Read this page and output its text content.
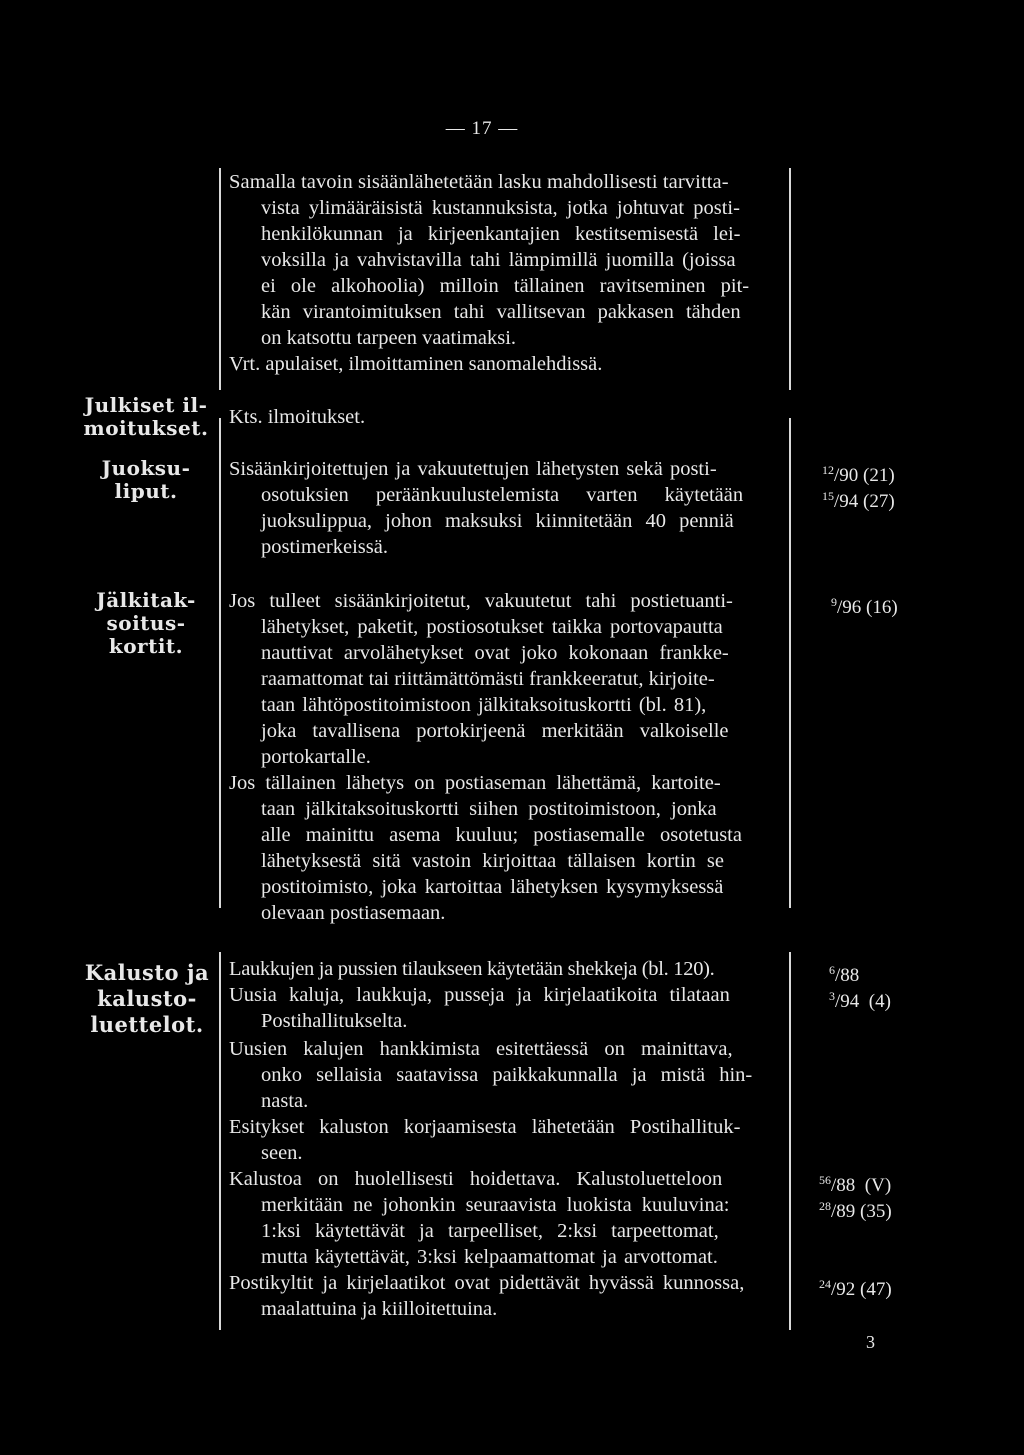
— 17 —
Julkiset il-
moitukset.
Juoksu-
liput.
Jälkitak-
soitus-
kortit.
Kalusto ja
kalusto-
luettelot.
Samalla tavoin sisäänlähetetään lasku mahdollisesti tarvitta-
vista ylimääräisistä kustannuksista, jotka johtuvat posti-
henkilökunnan ja kirjeenkantajien kestitsemisestä lei-
voksilla ja vahvistavilla tahi lämpimillä juomilla (joissa
ei ole alkohoolia) milloin tällainen ravitseminen pit-
kän virantoimituksen tahi vallitsevan pakkasen tähden
on katsottu tarpeen vaatimaksi.
Vrt. apulaiset, ilmoittaminen sanomalehdissä.
Kts. ilmoitukset.
Sisäänkirjoitettujen ja vakuutettujen lähetysten sekä posti-
osotuksien peräänkuulustelemista varten käytetään
juoksulippua, johon maksuksi kiinnitetään 40 penniä
postimerkeissä.
Jos tulleet sisäänkirjoitetut, vakuutetut tahi postietuanti-
lähetykset, paketit, postiosotukset taikka portovapautta
nauttivat arvolähetykset ovat joko kokonaan frankke-
raamattomat tai riittämättömästi frankkeeratut, kirjoite-
taan lähtöpostitoimistoon jälkitaksoituskortti (bl. 81),
joka tavallisena portokirjeenä merkitään valkoiselle
portokartalle.
Jos tällainen lähetys on postiaseman lähettämä, kartoite-
taan jälkitaksoituskortti siihen postitoimistoon, jonka
alle mainittu asema kuuluu; postiasemalle osotetusta
lähetyksestä sitä vastoin kirjoittaa tällaisen kortin se
postitoimisto, joka kartoittaa lähetyksen kysymyksessä
olevaan postiasemaan.
Laukkujen ja pussien tilaukseen käytetään shekkeja (bl. 120).
Uusia kaluja, laukkuja, pusseja ja kirjelaatikoita tilataan
Postihallitukselta.
Uusien kalujen hankkimista esitettäessä on mainittava,
onko sellaisia saatavissa paikkakunnalla ja mistä hin-
nasta.
Esitykset kaluston korjaamisesta lähetetään Postihallituk-
seen.
Kalustoa on huolellisesti hoidettava. Kalustoluetteloon
merkitään ne johonkin seuraavista luokista kuuluvina:
1:ksi käytettävät ja tarpeelliset, 2:ksi tarpeettomat,
mutta käytettävät, 3:ksi kelpaamattomat ja arvottomat.
Postikyltit ja kirjelaatikot ovat pidettävät hyvässä kunnossa,
maalattuina ja kiilloitettuina.
$^{12}$/90 (21)
$^{15}$/94 (27)
$^9$/96 (16)
$^6$/88
$^3$/94 (4)
$^{56}$/88 (V)
$^{28}$/89 (35)
$^{24}$/92 (47)
3
